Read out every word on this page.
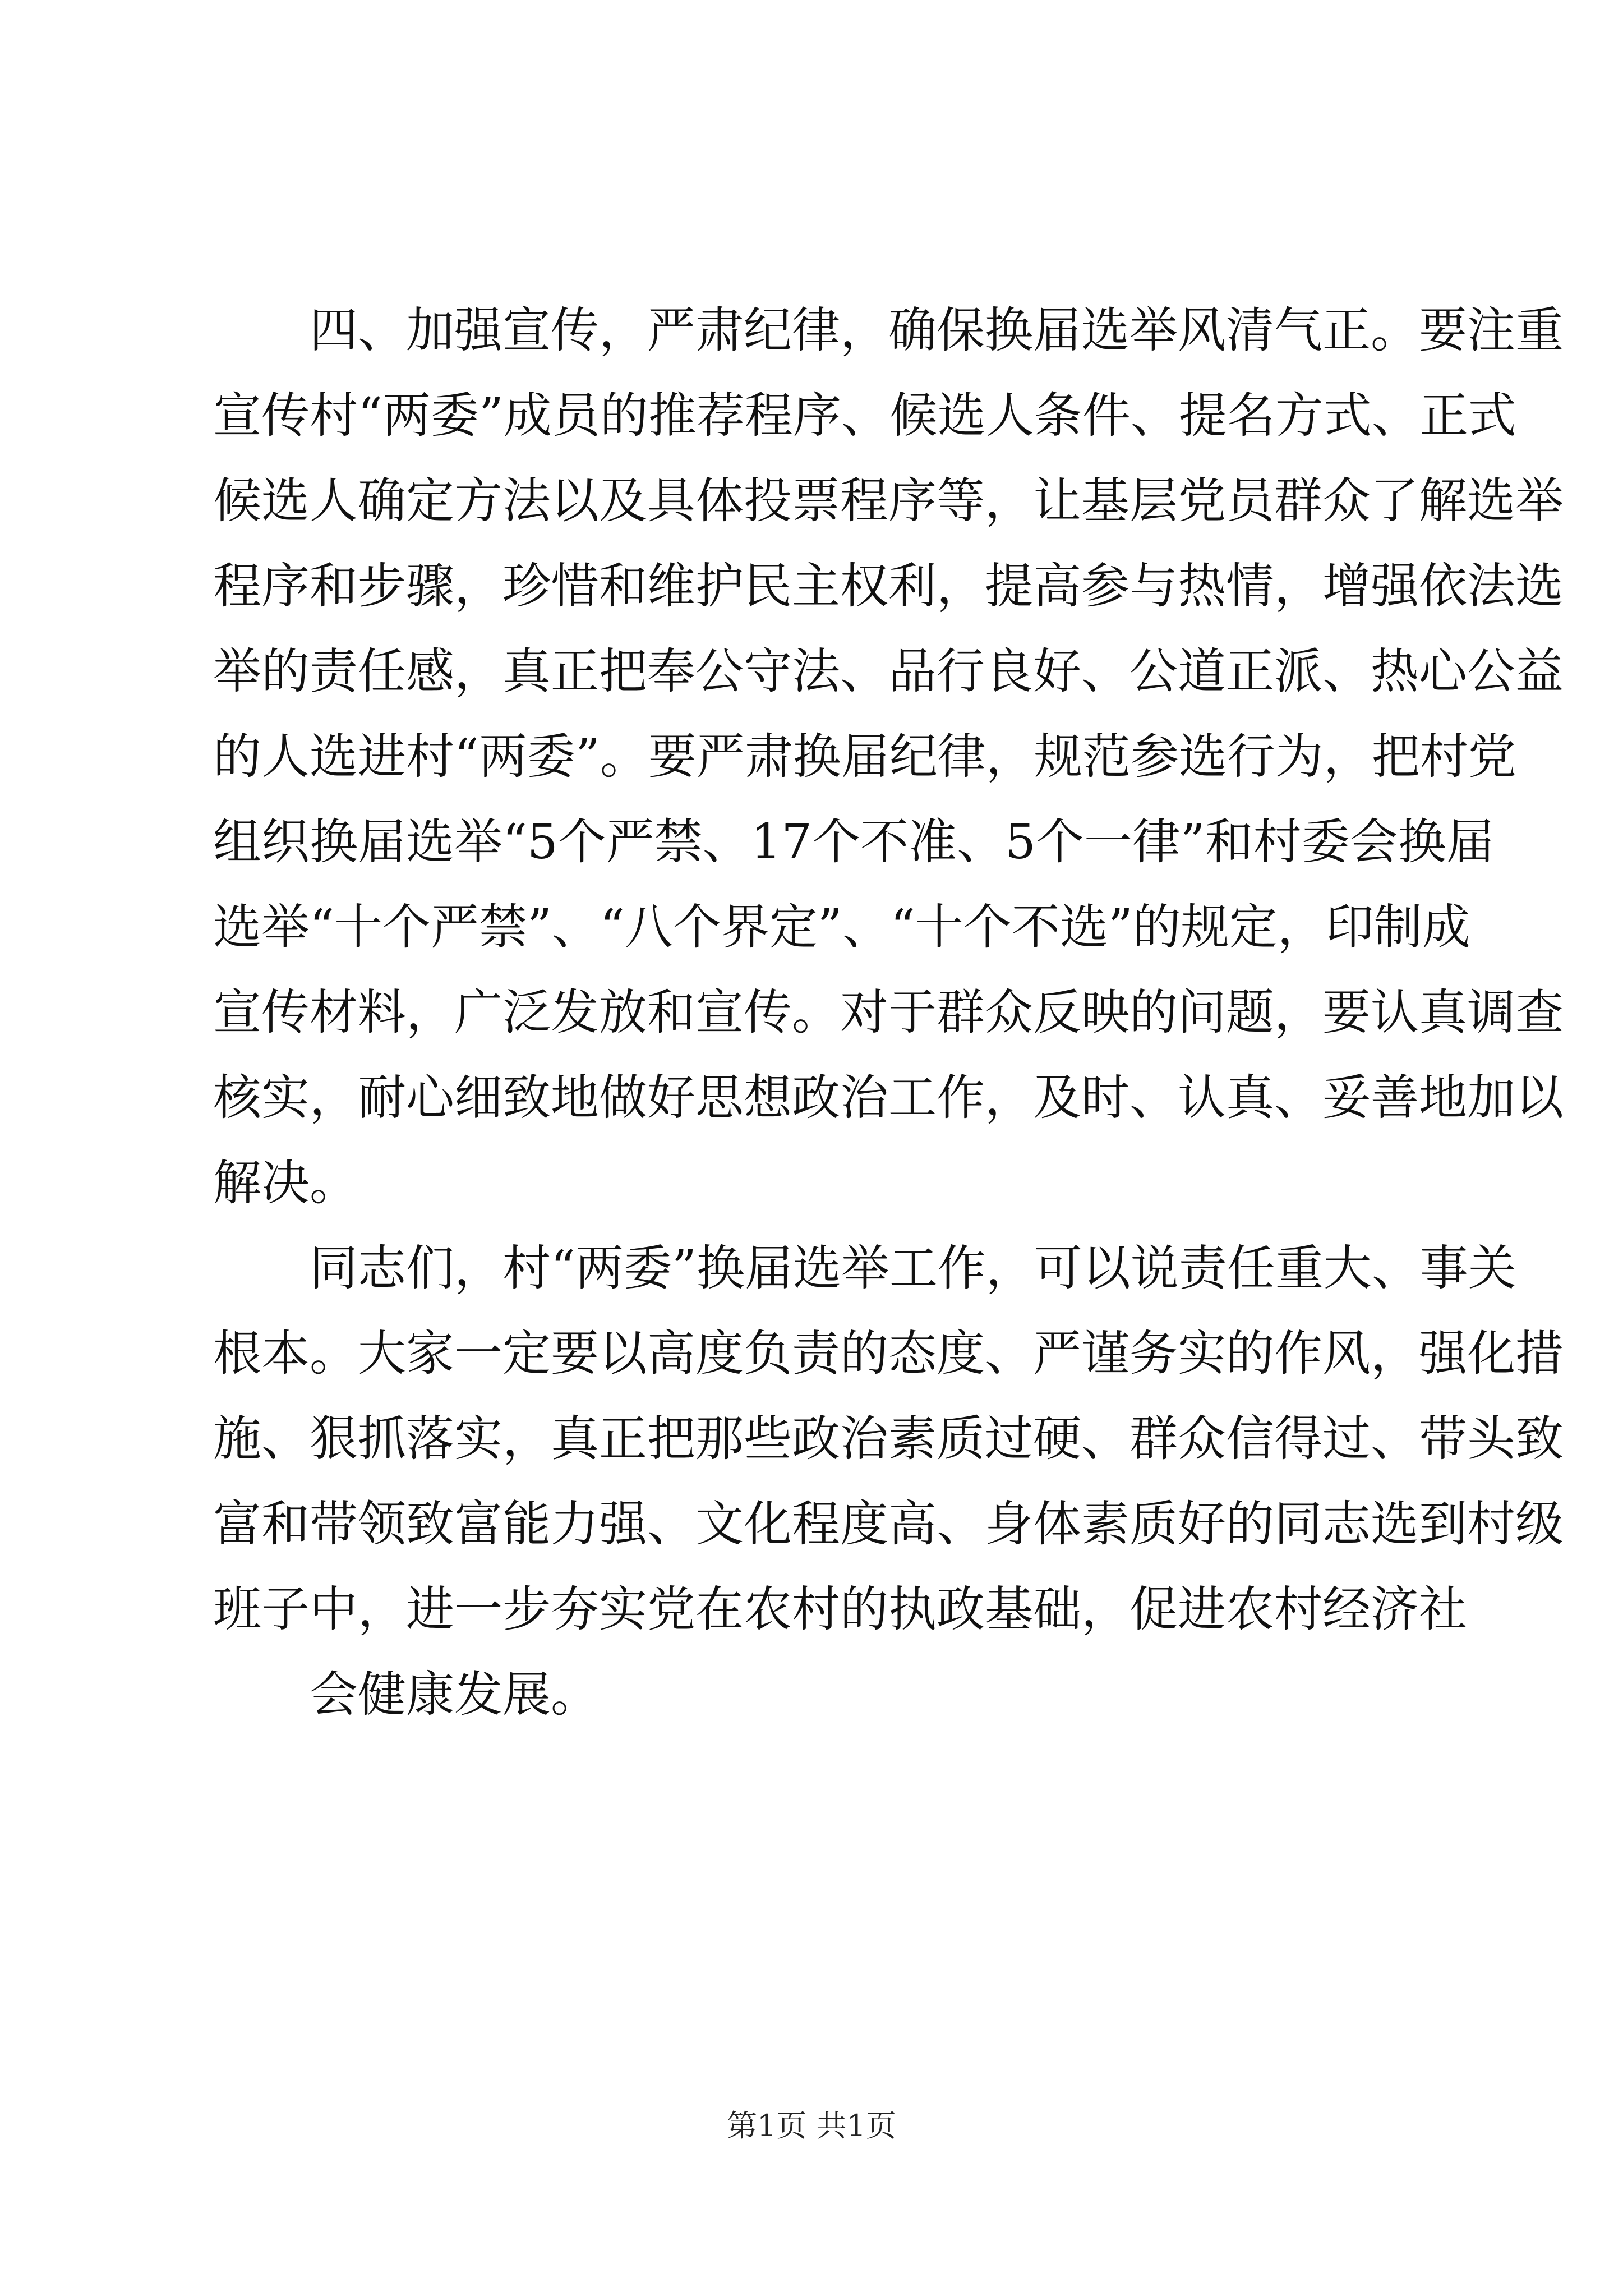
四、加强宣传，严肃纪律，确保换届选举风清气正。要注重

宣传村“两委”成员的推荐程序、候选人条件、提名方式、正式

候选人确定方法以及具体投票程序等，让基层党员群众了解选举

程序和步骤，珍惜和维护民主权利，提高参与热情，增强依法选

举的责任感，真正把奉公守法、品行良好、公道正派、热心公益

的人选进村“两委”。要严肃换届纪律，规范参选行为，把村党

组织换届选举“5个严禁、17个不准、5个一律”和村委会换届

选举“十个严禁”、“八个界定”、“十个不选”的规定，印制成

宣传材料，广泛发放和宣传。对于群众反映的问题，要认真调查

核实，耐心细致地做好思想政治工作，及时、认真、妥善地加以

解决。

同志们，村“两委”换届选举工作，可以说责任重大、事关

根本。大家一定要以高度负责的态度、严谨务实的作风，强化措

施、狠抓落实，真正把那些政治素质过硬、群众信得过、带头致

富和带领致富能力强、文化程度高、身体素质好的同志选到村级

班子中，进一步夯实党在农村的执政基础，促进农村经济社

会健康发展。

第1页 共1页
